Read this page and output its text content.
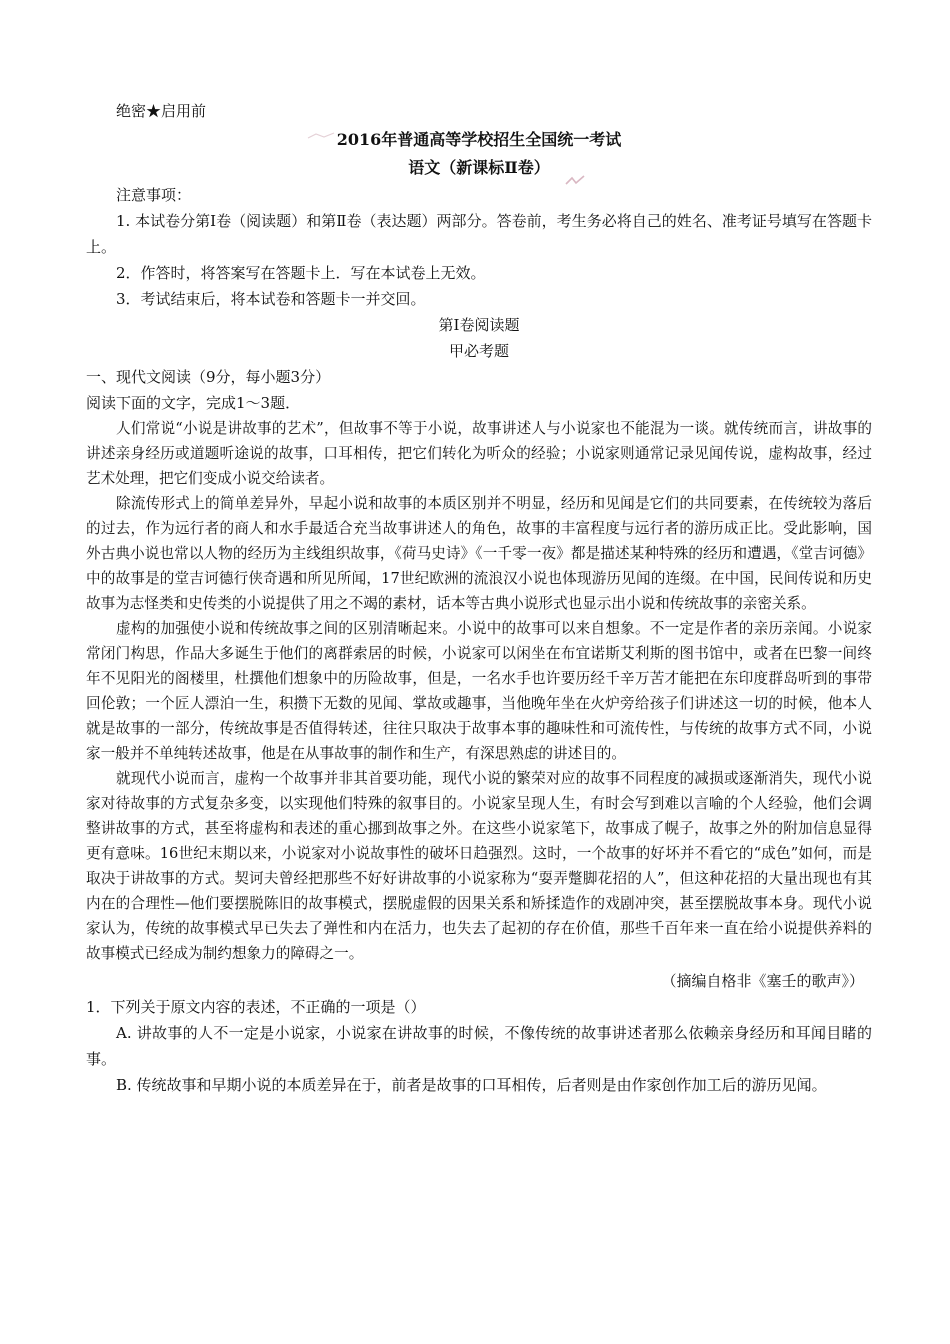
绝密★启用前
2016年普通高等学校招生全国统一考试
语文（新课标Ⅱ卷）
注意事项：
1. 本试卷分第Ⅰ卷（阅读题）和第Ⅱ卷（表达题）两部分。答卷前，考生务必将自己的姓名、准考证号填写在答题卡上。
2．作答时，将答案写在答题卡上．写在本试卷上无效。
3．考试结束后，将本试卷和答题卡一并交回。
第Ⅰ卷阅读题
甲必考题
一、现代文阅读（9分，每小题3分）
阅读下面的文字，完成1～3题．
人们常说“小说是讲故事的艺术”，但故事不等于小说，故事讲述人与小说家也不能混为一谈。就传统而言，讲故事的讲述亲身经历或道题听途说的故事，口耳相传，把它们转化为听众的经验；小说家则通常记录见闻传说，虚构故事，经过艺术处理，把它们变成小说交给读者。
除流传形式上的简单差异外，早起小说和故事的本质区别并不明显，经历和见闻是它们的共同要素，在传统较为落后的过去，作为远行者的商人和水手最适合充当故事讲述人的角色，故事的丰富程度与远行者的游历成正比。受此影响，国外古典小说也常以人物的经历为主线组织故事，《荷马史诗》《一千零一夜》都是描述某种特殊的经历和遭遇，《堂吉诃德》中的故事是的堂吉诃德行侠奇遇和所见所闻，17世纪欧洲的流浪汉小说也体现游历见闻的连缀。在中国，民间传说和历史故事为志怪类和史传类的小说提供了用之不竭的素材，话本等古典小说形式也显示出小说和传统故事的亲密关系。
虚构的加强使小说和传统故事之间的区别清晰起来。小说中的故事可以来自想象。不一定是作者的亲历亲闻。小说家常闭门构思，作品大多诞生于他们的离群索居的时候，小说家可以闲坐在布宜诺斯艾利斯的图书馆中，或者在巴黎一间终年不见阳光的阁楼里，杜撰他们想象中的历险故事，但是，一名水手也许要历经千辛万苦才能把在东印度群岛听到的事带回伦敦；一个匠人漂泊一生，积攒下无数的见闻、掌故或趣事，当他晚年坐在火炉旁给孩子们讲述这一切的时候，他本人就是故事的一部分，传统故事是否值得转述，往往只取决于故事本事的趣味性和可流传性，与传统的故事方式不同，小说家一般并不单纯转述故事，他是在从事故事的制作和生产，有深思熟虑的讲述目的。
就现代小说而言，虚构一个故事并非其首要功能，现代小说的繁荣对应的故事不同程度的减损或逐渐消失，现代小说家对待故事的方式复杂多变，以实现他们特殊的叙事目的。小说家呈现人生，有时会写到难以言喻的个人经验，他们会调整讲故事的方式，甚至将虚构和表述的重心挪到故事之外。在这些小说家笔下，故事成了幌子，故事之外的附加信息显得更有意味。16世纪末期以来，小说家对小说故事性的破坏日趋强烈。这时，一个故事的好坏并不看它的“成色”如何，而是取决于讲故事的方式。契诃夫曾经把那些不好好讲故事的小说家称为“耍弄蹩脚花招的人”，但这种花招的大量出现也有其内在的合理性—他们要摆脱陈旧的故事模式，摆脱虚假的因果关系和矫揉造作的戏剧冲突，甚至摆脱故事本身。现代小说家认为，传统的故事模式早已失去了弹性和内在活力，也失去了起初的存在价值，那些千百年来一直在给小说提供养料的故事模式已经成为制约想象力的障碍之一。
（摘编自格非《塞壬的歌声》）
1．下列关于原文内容的表述，不正确的一项是（）
A. 讲故事的人不一定是小说家，小说家在讲故事的时候，不像传统的故事讲述者那么依赖亲身经历和耳闻目睹的事。
B. 传统故事和早期小说的本质差异在于，前者是故事的口耳相传，后者则是由作家创作加工后的游历见闻。
